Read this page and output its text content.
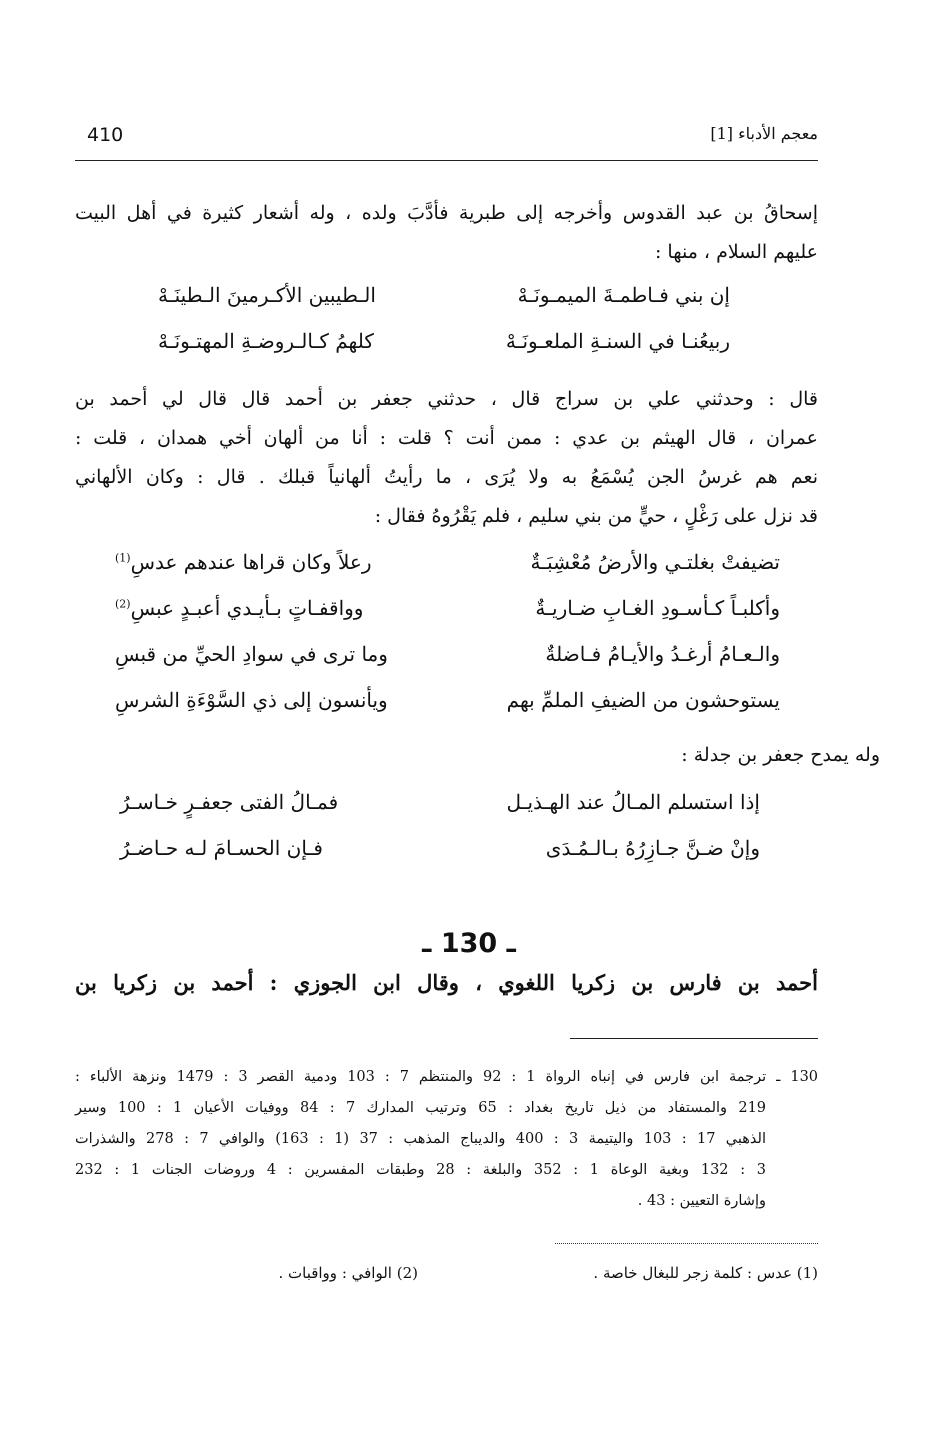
410	معجم الأدباء [1]
إسحاقُ بن عبد القدوس وأخرجه إلى طبرية فأدَّبَ ولده ، وله أشعار كثيرة في أهل البيت
عليهم السلام ، منها :
إن بني فـاطمـةَ الميمـونَـهْ
الـطيبين الأكـرمينَ الـطينَـهْ
ربيعُنـا في السنـةِ الملعـونَـهْ
كلهمُ كـالـروضـةِ المهتـونَـهْ
قال : وحدثني علي بن سراج قال ، حدثني جعفر بن أحمد قال قال لي أحمد بن
عمران ، قال الهيثم بن عدي : ممن أنت ؟ قلت : أنا من ألهان أخي همدان ، قلت :
نعم هم غرسُ الجن يُسْمَعُ به ولا يُرَى ، ما رأيتُ ألهانياً قبلك . قال : وكان الألهاني
قد نزل على رَغْلٍ ، حيٍّ من بني سليم ، فلم يَقْرُوهُ فقال :
تضيفتْ بغلتـي والأرضُ مُعْشِبَـةٌ
رعلاً وكان قراها عندهم عدسِ$^{(1)}$
وأكلبـاً كـأسـودِ الغـابِ ضـاريـةٌ
وواقفـاتٍ بـأيـدي أعبـدٍ عبسِ$^{(2)}$
والـعـامُ أرغـدُ والأيـامُ فـاضلةٌ
وما ترى في سوادِ الحيِّ من قبسِ
يستوحشون من الضيفِ الملمِّ بهم
ويأنسون إلى ذي السَّوْءَةِ الشرسِ
وله يمدح جعفر بن جدلة :
إذا استسلم المـالُ عند الهـذيـل
فمـالُ الفتى جعفـرٍ خـاسـرُ
وإنْ ضـنَّ جـازِرُهُ بـالـمُـدَى
فـإن الحسـامَ لـه حـاضـرُ
ـ 130 ـ
أحمد بن فارس بن زكريا اللغوي ، وقال ابن الجوزي : أحمد بن زكريا بن
130 ـ ترجمة ابن فارس في إنباه الرواة 1 : 92 والمنتظم 7 : 103 ودمية القصر 3 : 1479 ونزهة الألباء :
219 والمستفاد من ذيل تاريخ بغداد : 65 وترتيب المدارك 7 : 84 ووفيات الأعيان 1 : 100 وسير
الذهبي 17 : 103 واليتيمة 3 : 400 والديباج المذهب : 37 (1 : 163) والوافي 7 : 278 والشذرات
3 : 132 وبغية الوعاة 1 : 352 والبلغة : 28 وطبقات المفسرين : 4 وروضات الجنات 1 : 232
وإشارة التعيين : 43 .
(1) عدس : كلمة زجر للبغال خاصة .
(2) الوافي : وواقبات .
